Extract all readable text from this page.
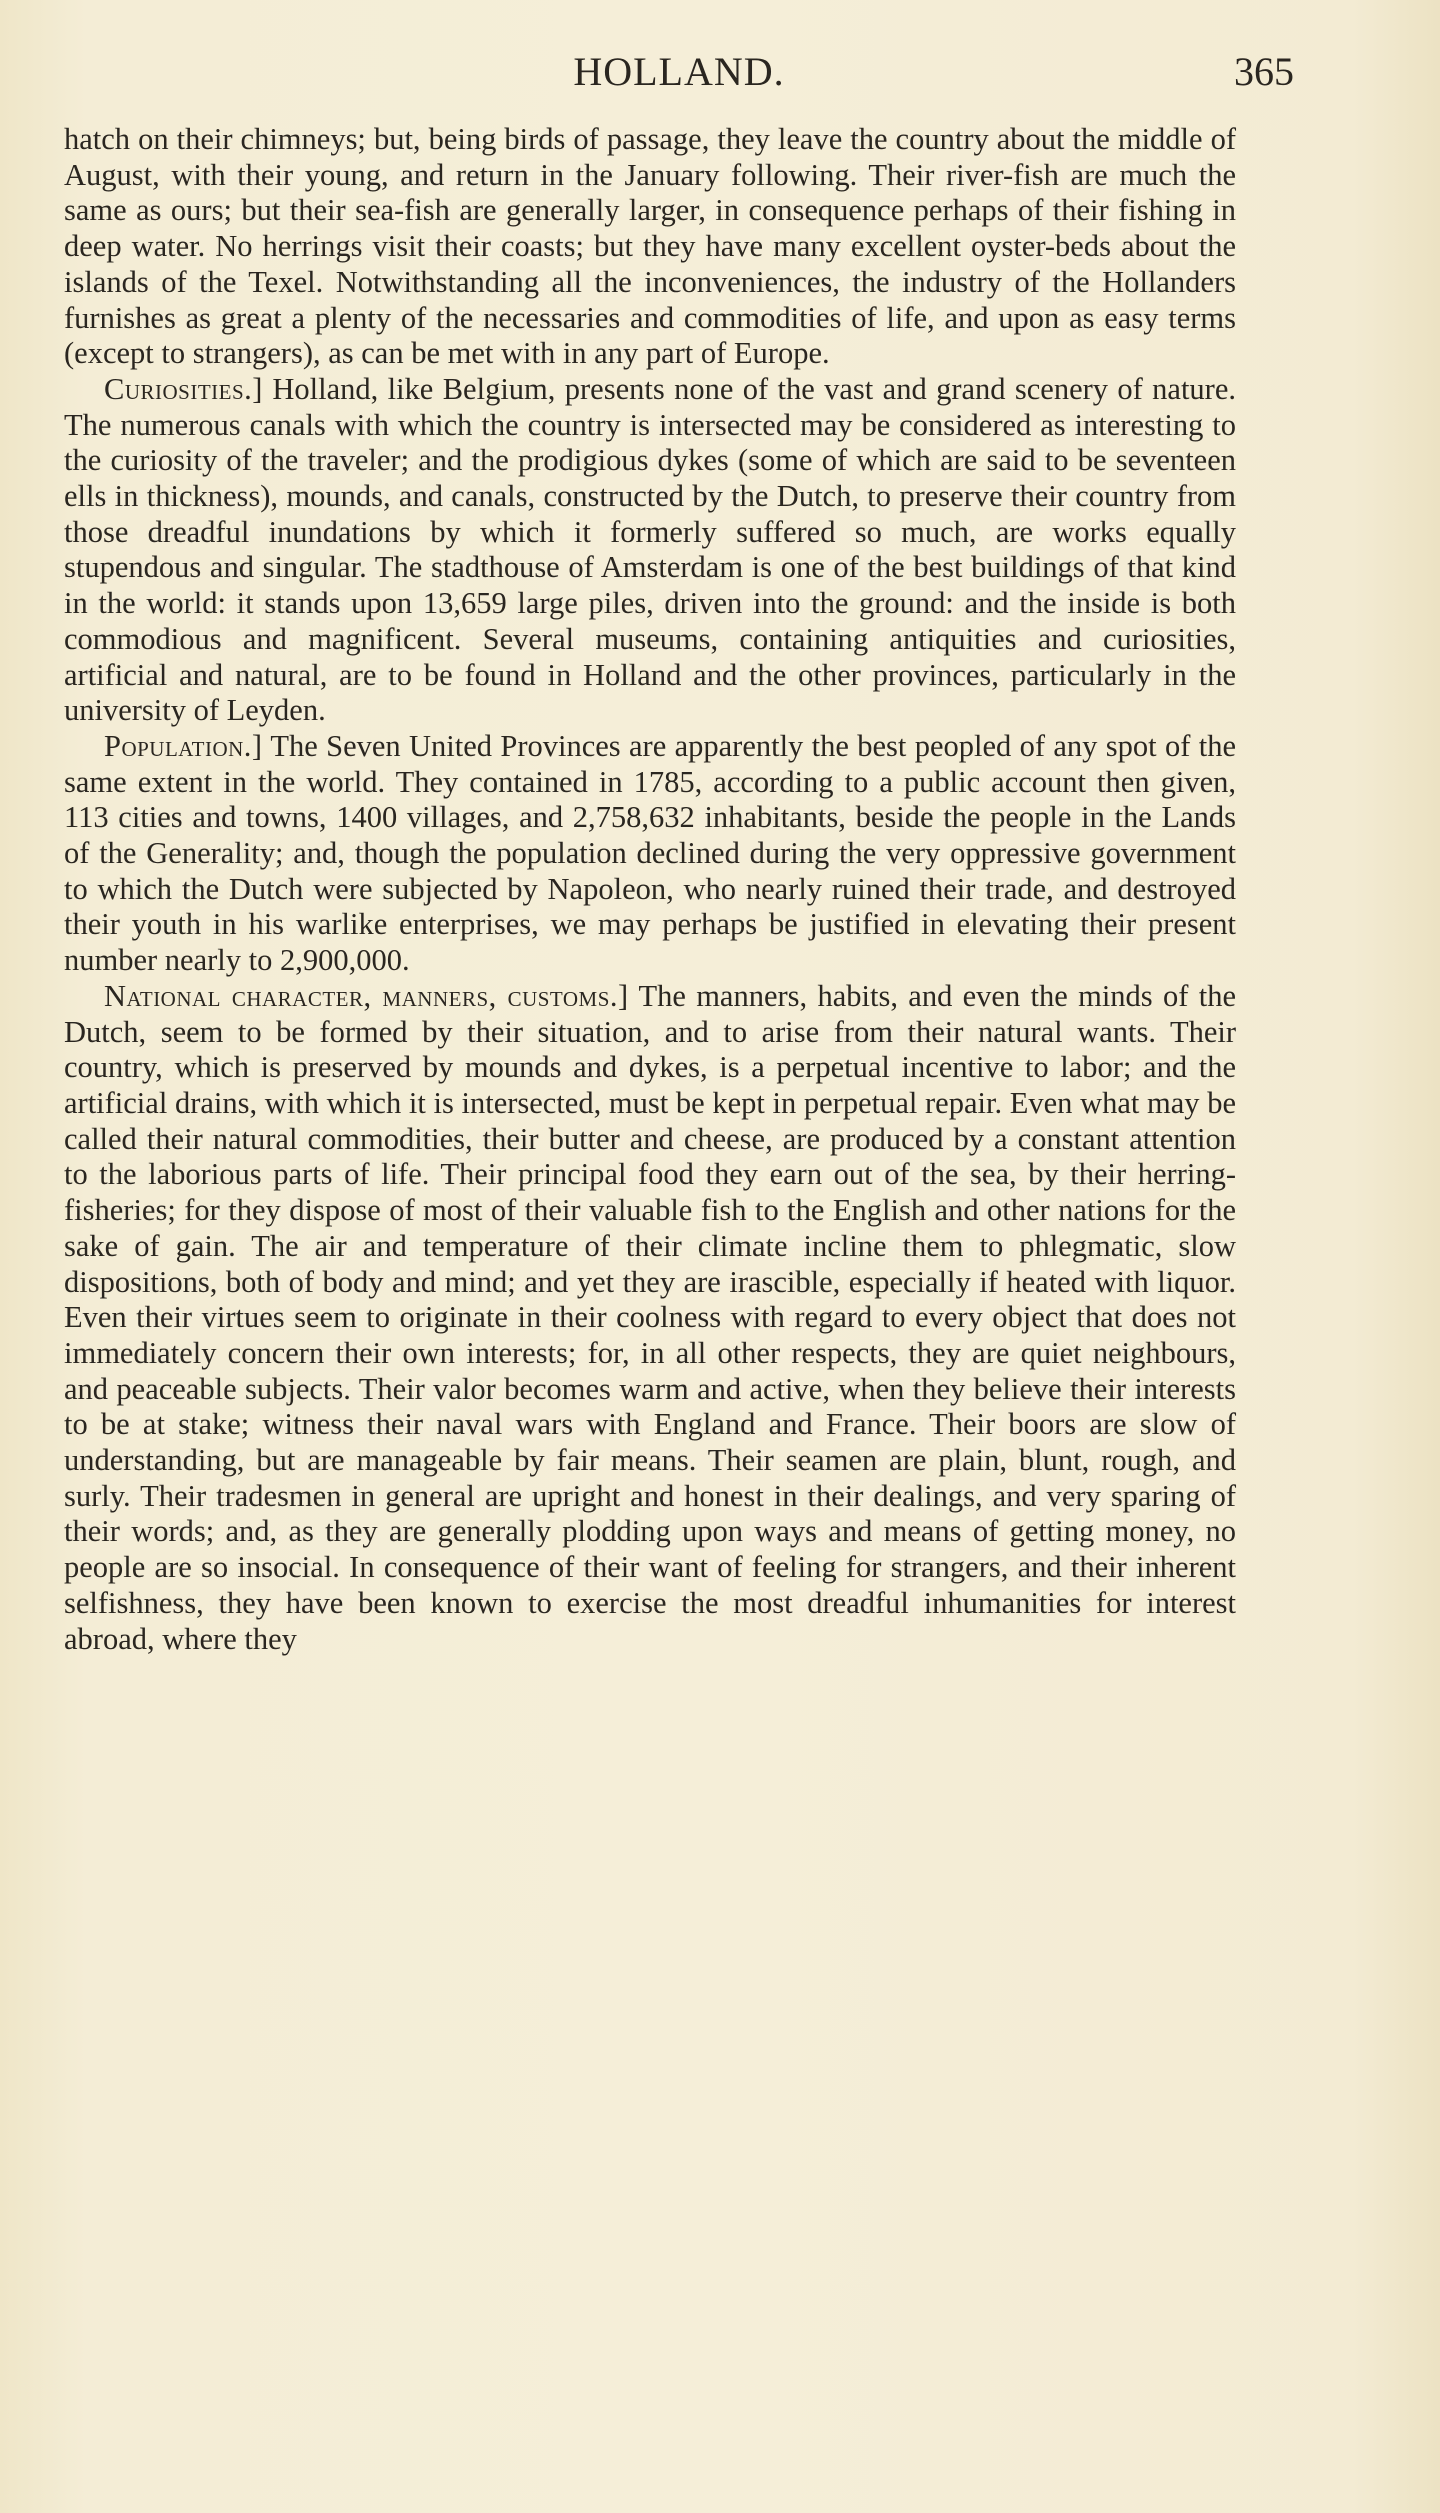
HOLLAND.	365

hatch on their chimneys; but, being birds of passage, they leave the country about the middle of August, with their young, and return in the January following. Their river-fish are much the same as ours; but their sea-fish are generally larger, in consequence perhaps of their fishing in deep water. No herrings visit their coasts; but they have many excellent oyster-beds about the islands of the Texel. Notwithstanding all the inconveniences, the industry of the Hollanders furnishes as great a plenty of the necessaries and commodities of life, and upon as easy terms (except to strangers), as can be met with in any part of Europe.

Curiosities.] Holland, like Belgium, presents none of the vast and grand scenery of nature. The numerous canals with which the country is intersected may be considered as interesting to the curiosity of the traveler; and the prodigious dykes (some of which are said to be seventeen ells in thickness), mounds, and canals, constructed by the Dutch, to preserve their country from those dreadful inundations by which it formerly suffered so much, are works equally stupendous and singular. The stadthouse of Amsterdam is one of the best buildings of that kind in the world: it stands upon 13,659 large piles, driven into the ground: and the inside is both commodious and magnificent. Several museums, containing antiquities and curiosities, artificial and natural, are to be found in Holland and the other provinces, particularly in the university of Leyden.

Population.] The Seven United Provinces are apparently the best peopled of any spot of the same extent in the world. They contained in 1785, according to a public account then given, 113 cities and towns, 1400 villages, and 2,758,632 inhabitants, beside the people in the Lands of the Generality; and, though the population declined during the very oppressive government to which the Dutch were subjected by Napoleon, who nearly ruined their trade, and destroyed their youth in his warlike enterprises, we may perhaps be justified in elevating their present number nearly to 2,900,000.

National character, manners, customs.] The manners, habits, and even the minds of the Dutch, seem to be formed by their situation, and to arise from their natural wants. Their country, which is preserved by mounds and dykes, is a perpetual incentive to labor; and the artificial drains, with which it is intersected, must be kept in perpetual repair. Even what may be called their natural commodities, their butter and cheese, are produced by a constant attention to the laborious parts of life. Their principal food they earn out of the sea, by their herring-fisheries; for they dispose of most of their valuable fish to the English and other nations for the sake of gain. The air and temperature of their climate incline them to phlegmatic, slow dispositions, both of body and mind; and yet they are irascible, especially if heated with liquor. Even their virtues seem to originate in their coolness with regard to every object that does not immediately concern their own interests; for, in all other respects, they are quiet neighbours, and peaceable subjects. Their valor becomes warm and active, when they believe their interests to be at stake; witness their naval wars with England and France. Their boors are slow of understanding, but are manageable by fair means. Their seamen are plain, blunt, rough, and surly. Their tradesmen in general are upright and honest in their dealings, and very sparing of their words; and, as they are generally plodding upon ways and means of getting money, no people are so insocial. In consequence of their want of feeling for strangers, and their inherent selfishness, they have been known to exercise the most dreadful inhumanities for interest abroad, where they
